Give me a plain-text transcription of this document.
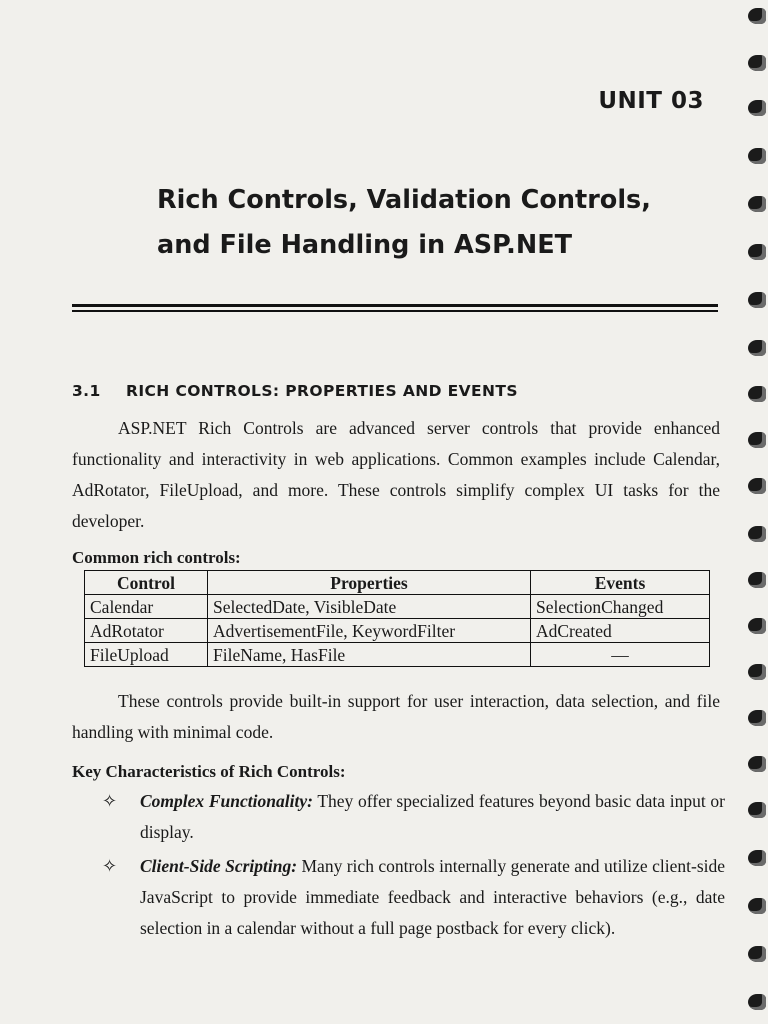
UNIT 03
Rich Controls, Validation Controls,
and File Handling in ASP.NET
3.1 RICH CONTROLS: PROPERTIES AND EVENTS

ASP.NET Rich Controls are advanced server controls that provide enhanced functionality and interactivity in web applications. Common examples include Calendar, AdRotator, FileUpload, and more. These controls simplify complex UI tasks for the developer.

Common rich controls:
Control	Properties	Events
Calendar	SelectedDate, VisibleDate	SelectionChanged
AdRotator	AdvertisementFile, KeywordFilter	AdCreated
FileUpload	FileName, HasFile	—

These controls provide built-in support for user interaction, data selection, and file handling with minimal code.

Key Characteristics of Rich Controls:
✧ Complex Functionality: They offer specialized features beyond basic data input or display.
✧ Client-Side Scripting: Many rich controls internally generate and utilize client-side JavaScript to provide immediate feedback and interactive behaviors (e.g., date selection in a calendar without a full page postback for every click).
